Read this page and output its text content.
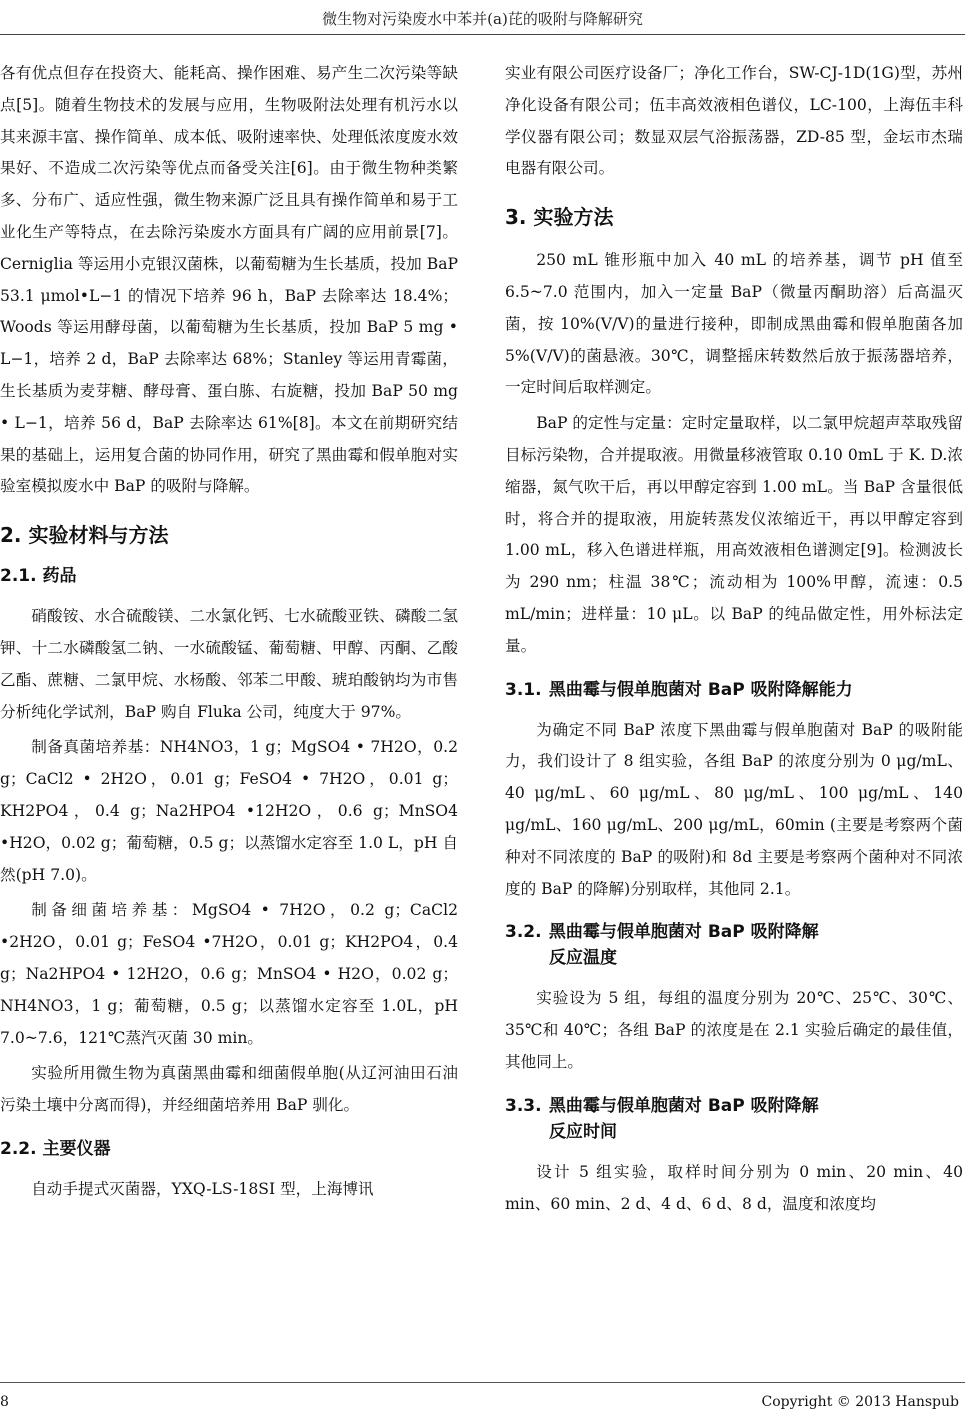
微生物对污染废水中苯并(a)芘的吸附与降解研究

各有优点但存在投资大、能耗高、操作困难、易产生二次污染等缺点[5]。随着生物技术的发展与应用，生物吸附法处理有机污水以其来源丰富、操作简单、成本低、吸附速率快、处理低浓度废水效果好、不造成二次污染等优点而备受关注[6]。由于微生物种类繁多、分布广、适应性强，微生物来源广泛且具有操作简单和易于工业化生产等特点，在去除污染废水方面具有广阔的应用前景[7]。Cerniglia 等运用小克银汉菌株，以葡萄糖为生长基质，投加 BaP 53.1 μmol•L−1 的情况下培养 96 h，BaP 去除率达 18.4%；Woods 等运用酵母菌，以葡萄糖为生长基质，投加 BaP 5 mg • L−1，培养 2 d，BaP 去除率达 68%；Stanley 等运用青霉菌，生长基质为麦芽糖、酵母膏、蛋白胨、右旋糖，投加 BaP 50 mg • L−1，培养 56 d，BaP 去除率达 61%[8]。本文在前期研究结果的基础上，运用复合菌的协同作用，研究了黑曲霉和假单胞对实验室模拟废水中 BaP 的吸附与降解。

2. 实验材料与方法
2.1. 药品

硝酸铵、水合硫酸镁、二水氯化钙、七水硫酸亚铁、磷酸二氢钾、十二水磷酸氢二钠、一水硫酸锰、葡萄糖、甲醇、丙酮、乙酸乙酯、蔗糖、二氯甲烷、水杨酸、邻苯二甲酸、琥珀酸钠均为市售分析纯化学试剂，BaP 购自 Fluka 公司，纯度大于 97%。

制备真菌培养基：NH4NO3，1 g；MgSO4 • 7H2O，0.2 g；CaCl2 • 2H2O，0.01 g；FeSO4 • 7H2O，0.01 g；KH2PO4，0.4 g；Na2HPO4 •12H2O，0.6 g；MnSO4 •H2O，0.02 g；葡萄糖，0.5 g；以蒸馏水定容至 1.0 L，pH 自然(pH 7.0)。

制备细菌培养基：MgSO4 • 7H2O，0.2 g；CaCl2 •2H2O，0.01 g；FeSO4 •7H2O，0.01 g；KH2PO4，0.4 g；Na2HPO4 • 12H2O，0.6 g；MnSO4 • H2O，0.02 g；NH4NO3，1 g；葡萄糖，0.5 g；以蒸馏水定容至 1.0L，pH 7.0~7.6，121℃蒸汽灭菌 30 min。

实验所用微生物为真菌黑曲霉和细菌假单胞(从辽河油田石油污染土壤中分离而得)，并经细菌培养用 BaP 驯化。

2.2. 主要仪器

自动手提式灭菌器，YXQ-LS-18SI 型，上海博讯

实业有限公司医疗设备厂；净化工作台，SW-CJ-1D(1G)型，苏州净化设备有限公司；伍丰高效液相色谱仪，LC-100，上海伍丰科学仪器有限公司；数显双层气浴振荡器，ZD-85 型，金坛市杰瑞电器有限公司。

3. 实验方法

250 mL 锥形瓶中加入 40 mL 的培养基，调节 pH 值至 6.5~7.0 范围内，加入一定量 BaP（微量丙酮助溶）后高温灭菌，按 10%(V/V)的量进行接种，即制成黑曲霉和假单胞菌各加 5%(V/V)的菌悬液。30℃，调整摇床转数然后放于振荡器培养，一定时间后取样测定。

BaP 的定性与定量：定时定量取样，以二氯甲烷超声萃取残留目标污染物，合并提取液。用微量移液管取 0.10 0mL 于 K. D.浓缩器，氮气吹干后，再以甲醇定容到 1.00 mL。当 BaP 含量很低时，将合并的提取液，用旋转蒸发仪浓缩近干，再以甲醇定容到 1.00 mL，移入色谱进样瓶，用高效液相色谱测定[9]。检测波长为 290 nm；柱温 38℃；流动相为 100%甲醇，流速：0.5 mL/min；进样量：10 μL。以 BaP 的纯品做定性，用外标法定量。

3.1. 黑曲霉与假单胞菌对 BaP 吸附降解能力

为确定不同 BaP 浓度下黑曲霉与假单胞菌对 BaP 的吸附能力，我们设计了 8 组实验，各组 BaP 的浓度分别为 0 μg/mL、40 μg/mL、60 μg/mL、80 μg/mL、100 μg/mL、140 μg/mL、160 μg/mL、200 μg/mL，60min (主要是考察两个菌种对不同浓度的 BaP 的吸附)和 8d 主要是考察两个菌种对不同浓度的 BaP 的降解)分别取样，其他同 2.1。

3.2. 黑曲霉与假单胞菌对 BaP 吸附降解
反应温度

实验设为 5 组，每组的温度分别为 20℃、25℃、30℃、35℃和 40℃；各组 BaP 的浓度是在 2.1 实验后确定的最佳值，其他同上。

3.3. 黑曲霉与假单胞菌对 BaP 吸附降解
反应时间

设计 5 组实验，取样时间分别为 0 min、20 min、40 min、60 min、2 d、4 d、6 d、8 d，温度和浓度均

8	Copyright © 2013 Hanspub
